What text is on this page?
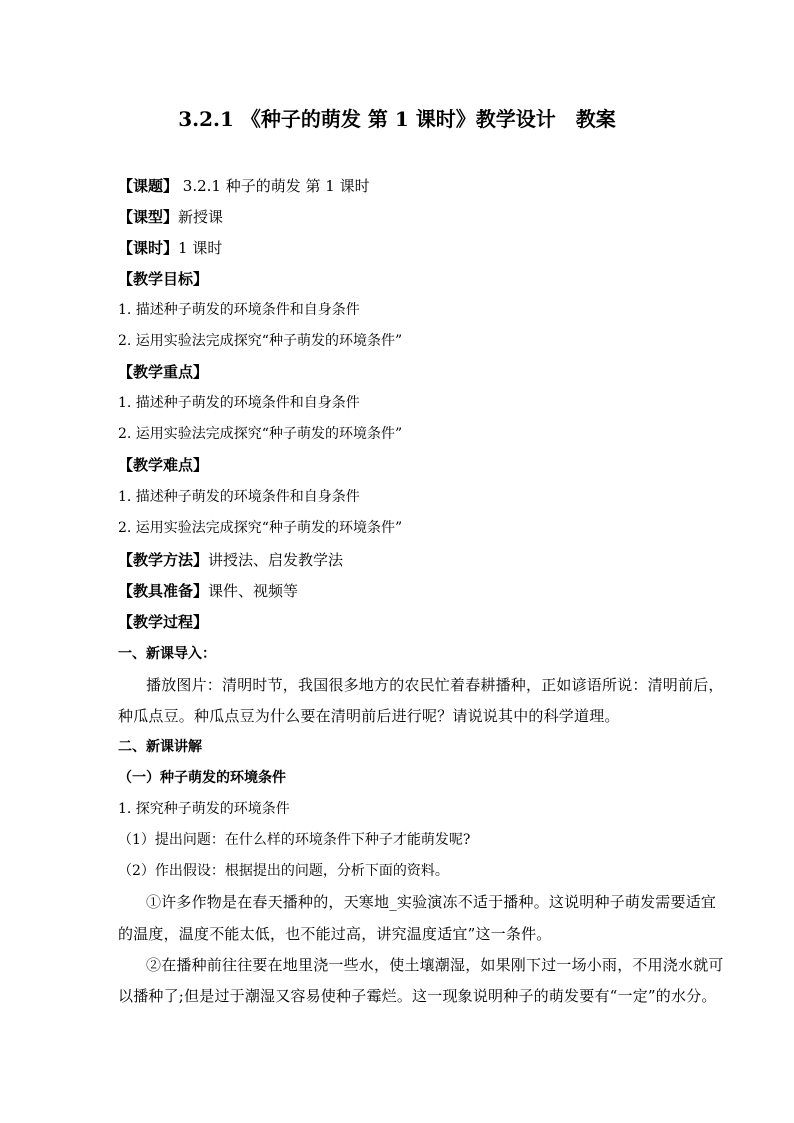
3.2.1 《种子的萌发 第 1 课时》教学设计　教案
【课题】 3.2.1 种子的萌发 第 1 课时
【课型】新授课
【课时】1 课时
【教学目标】
1. 描述种子萌发的环境条件和自身条件
2. 运用实验法完成探究“种子萌发的环境条件”
【教学重点】
1. 描述种子萌发的环境条件和自身条件
2. 运用实验法完成探究“种子萌发的环境条件”
【教学难点】
1. 描述种子萌发的环境条件和自身条件
2. 运用实验法完成探究“种子萌发的环境条件”
【教学方法】讲授法、启发教学法
【教具准备】课件、视频等
【教学过程】
一、新课导入：
播放图片：清明时节，我国很多地方的农民忙着春耕播种，正如谚语所说：清明前后，
种瓜点豆。种瓜点豆为什么要在清明前后进行呢？请说说其中的科学道理。
二、新课讲解
（一）种子萌发的环境条件
1. 探究种子萌发的环境条件
（1）提出问题：在什么样的环境条件下种子才能萌发呢?
（2）作出假设：根据提出的问题，分析下面的资料。
①许多作物是在春天播种的，天寒地_实验演冻不适于播种。这说明种子萌发需要适宜
的温度，温度不能太低，也不能过高，讲究温度适宜”这一条件。
②在播种前往往要在地里浇一些水，使土壤潮湿，如果刚下过一场小雨，不用浇水就可
以播种了;但是过于潮湿又容易使种子霉烂。这一现象说明种子的萌发要有“一定”的水分。
